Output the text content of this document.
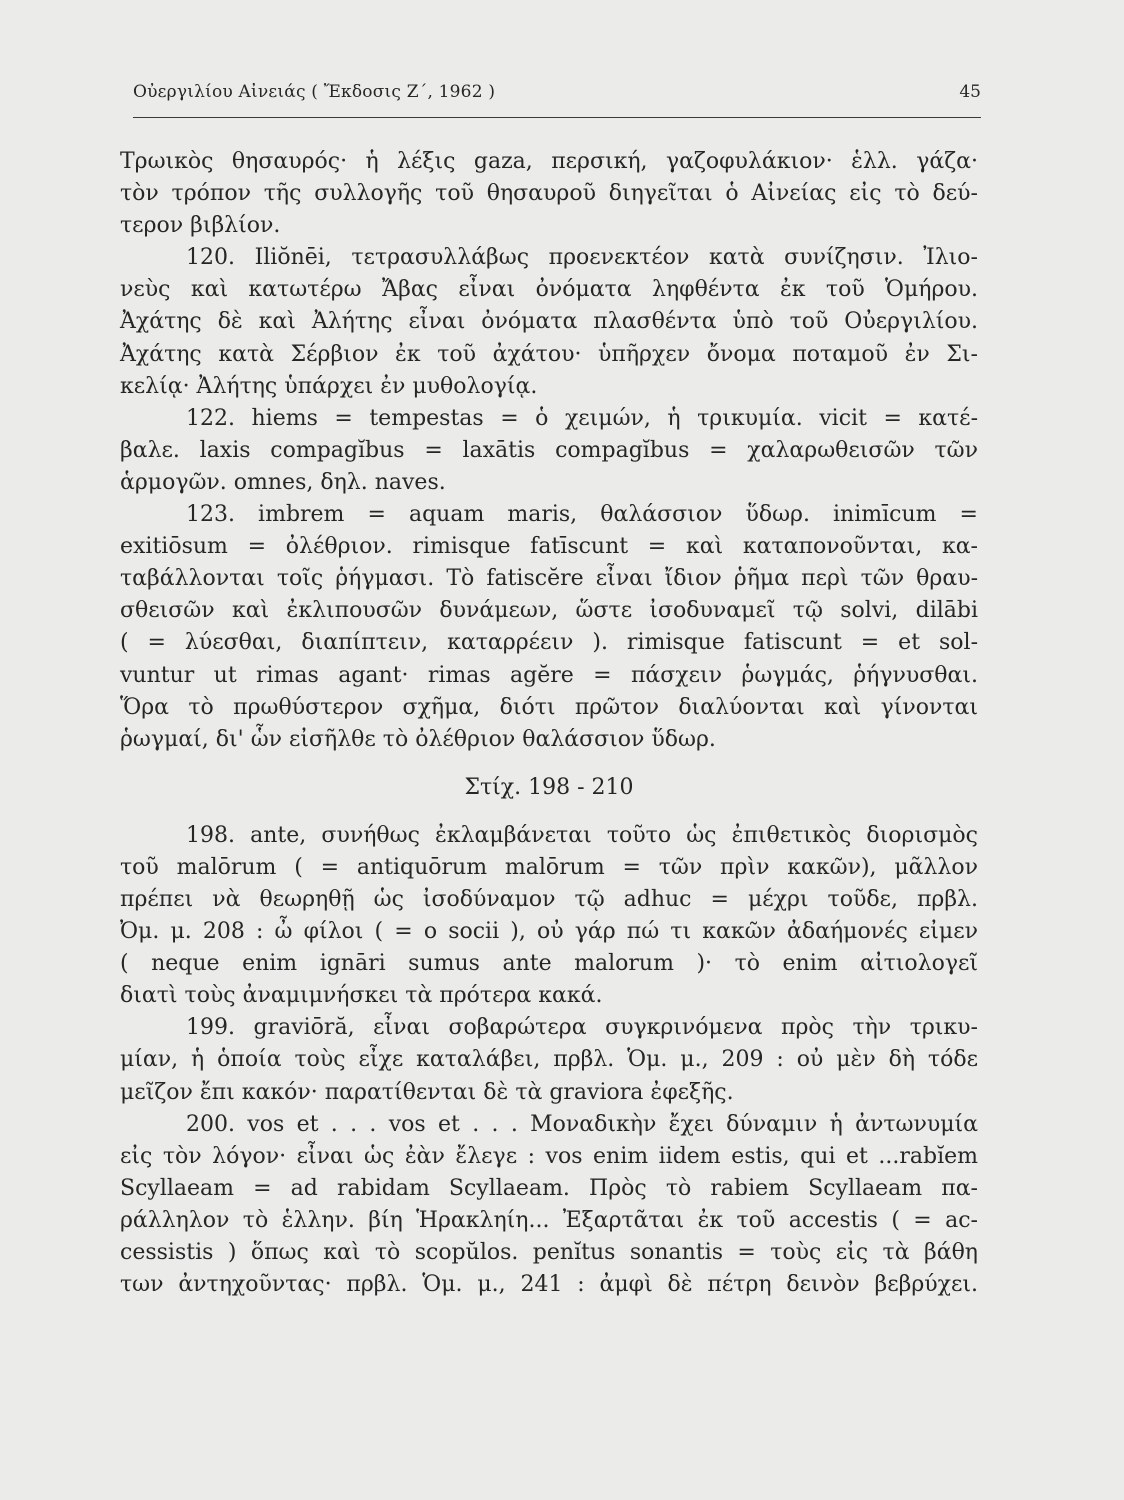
Οὐεργιλίου Αἰνειάς ( Ἔκδοσις Ζ΄, 1962 )	45
Τρωικὸς θησαυρός· ἡ λέξις gaza, περσική, γαζοφυλάκιον· ἑλλ. γάζα·
τὸν τρόπον τῆς συλλογῆς τοῦ θησαυροῦ διηγεῖται ὁ Αἰνείας εἰς τὸ δεύ-
τερον βιβλίον.
120. Iliŏnēi, τετρασυλλάβως προενεκτέον κατὰ συνίζησιν. Ἰλιο-
νεὺς καὶ κατωτέρω Ἄβας εἶναι ὀνόματα ληφθέντα ἐκ τοῦ Ὁμήρου.
Ἀχάτης δὲ καὶ Ἀλήτης εἶναι ὀνόματα πλασθέντα ὑπὸ τοῦ Οὐεργιλίου.
Ἀχάτης κατὰ Σέρβιον ἐκ τοῦ ἀχάτου· ὑπῆρχεν ὄνομα ποταμοῦ ἐν Σι-
κελίᾳ· Ἀλήτης ὑπάρχει ἐν μυθολογίᾳ.
122. hiems = tempestas = ὁ χειμών, ἡ τρικυμία. vicit = κατέ-
βαλε. laxis compagĭbus = laxātis compagĭbus = χαλαρωθεισῶν τῶν
ἁρμογῶν. omnes, δηλ. naves.
123. imbrem = aquam maris, θαλάσσιον ὕδωρ. inimīcum =
exitiōsum = ὀλέθριον. rimisque fatīscunt = καὶ καταπονοῦνται, κα-
ταβάλλονται τοῖς ῥήγμασι. Τὸ fatiscĕre εἶναι ἴδιον ῥῆμα περὶ τῶν θραυ-
σθεισῶν καὶ ἐκλιπουσῶν δυνάμεων, ὥστε ἰσοδυναμεῖ τῷ solvi, dilābi
( = λύεσθαι, διαπίπτειν, καταρρέειν ). rimisque fatiscunt = et sol-
vuntur ut rimas agant· rimas agĕre = πάσχειν ῥωγμάς, ῥήγνυσθαι.
Ὅρα τὸ πρωθύστερον σχῆμα, διότι πρῶτον διαλύονται καὶ γίνονται
ῥωγμαί, δι' ὧν εἰσῆλθε τὸ ὀλέθριον θαλάσσιον ὕδωρ.
Στίχ. 198 - 210
198. ante, συνήθως ἐκλαμβάνεται τοῦτο ὡς ἐπιθετικὸς διορισμὸς
τοῦ malōrum ( = antiquōrum malōrum = τῶν πρὶν κακῶν), μᾶλλον
πρέπει νὰ θεωρηθῇ ὡς ἰσοδύναμον τῷ adhuc = μέχρι τοῦδε, πρβλ.
Ὀμ. μ. 208 : ὦ φίλοι ( = o socii ), οὐ γάρ πώ τι κακῶν ἀδαήμονές εἰμεν
( neque enim ignāri sumus ante malorum )· τὸ enim αἰτιολογεῖ
διατὶ τοὺς ἀναμιμνήσκει τὰ πρότερα κακά.
199. graviōră, εἶναι σοβαρώτερα συγκρινόμενα πρὸς τὴν τρικυ-
μίαν, ἡ ὁποία τοὺς εἶχε καταλάβει, πρβλ. Ὁμ. μ., 209 : οὐ μὲν δὴ τόδε
μεῖζον ἔπι κακόν· παρατίθενται δὲ τὰ graviora ἐφεξῆς.
200. vos et . . . vos et . . . Μοναδικὴν ἔχει δύναμιν ἡ ἀντωνυμία
εἰς τὸν λόγον· εἶναι ὡς ἐὰν ἔλεγε : vos enim iidem estis, qui et ...rabĭem
Scyllaeam = ad rabidam Scyllaeam. Πρὸς τὸ rabiem Scyllaeam πα-
ράλληλον τὸ ἑλλην. βίη Ἡρακληίη... Ἐξαρτᾶται ἐκ τοῦ accestis ( = ac-
cessistis ) ὅπως καὶ τὸ scopŭlos. penĭtus sonantis = τοὺς εἰς τὰ βάθη
των ἀντηχοῦντας· πρβλ. Ὁμ. μ., 241 : ἀμφὶ δὲ πέτρη δεινὸν βεβρύχει.
